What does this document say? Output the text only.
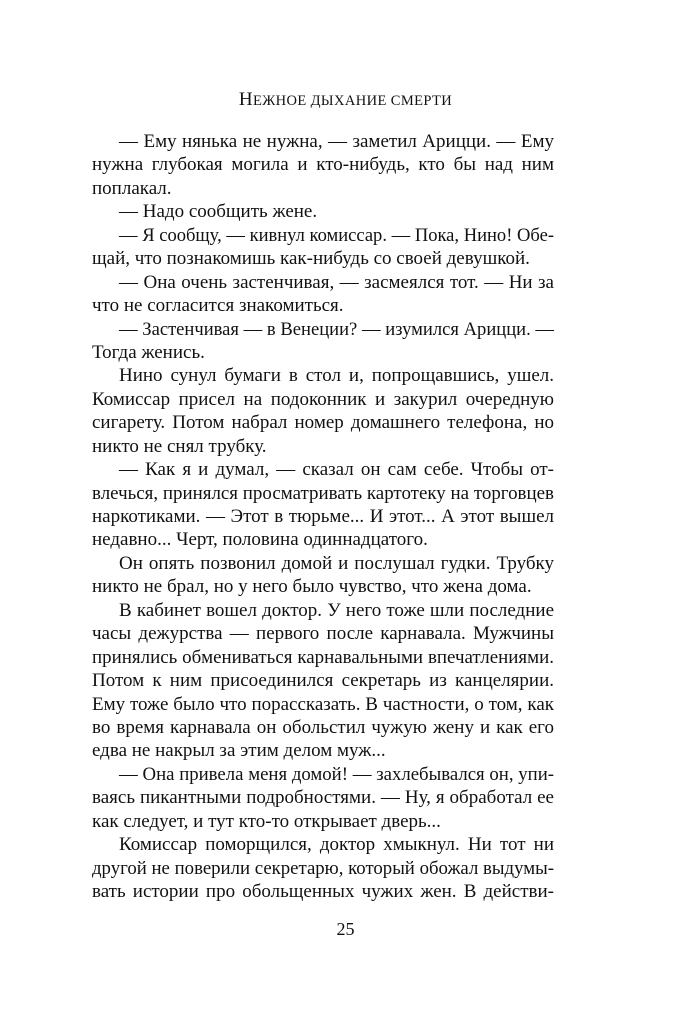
НЕЖНОЕ ДЫХАНИЕ СМЕРТИ
— Ему нянька не нужна, — заметил Арицци. — Ему
нужна глубокая могила и кто-нибудь, кто бы над ним
поплакал.
— Надо сообщить жене.
— Я сообщу, — кивнул комиссар. — Пока, Нино! Обе-
щай, что познакомишь как-нибудь со своей девушкой.
— Она очень застенчивая, — засмеялся тот. — Ни за
что не согласится знакомиться.
— Застенчивая — в Венеции? — изумился Арицци. —
Тогда женись.
Нино сунул бумаги в стол и, попрощавшись, ушел.
Комиссар присел на подоконник и закурил очередную
сигарету. Потом набрал номер домашнего телефона, но
никто не снял трубку.
— Как я и думал, — сказал он сам себе. Чтобы от-
влечься, принялся просматривать картотеку на торговцев
наркотиками. — Этот в тюрьме... И этот... А этот вышел
недавно... Черт, половина одиннадцатого.
Он опять позвонил домой и послушал гудки. Трубку
никто не брал, но у него было чувство, что жена дома.
В кабинет вошел доктор. У него тоже шли последние
часы дежурства — первого после карнавала. Мужчины
принялись обмениваться карнавальными впечатлениями.
Потом к ним присоединился секретарь из канцелярии.
Ему тоже было что порассказать. В частности, о том, как
во время карнавала он обольстил чужую жену и как его
едва не накрыл за этим делом муж...
— Она привела меня домой! — захлебывался он, упи-
ваясь пикантными подробностями. — Ну, я обработал ее
как следует, и тут кто-то открывает дверь...
Комиссар поморщился, доктор хмыкнул. Ни тот ни
другой не поверили секретарю, который обожал выдумы-
вать истории про обольщенных чужих жен. В действи-
25
